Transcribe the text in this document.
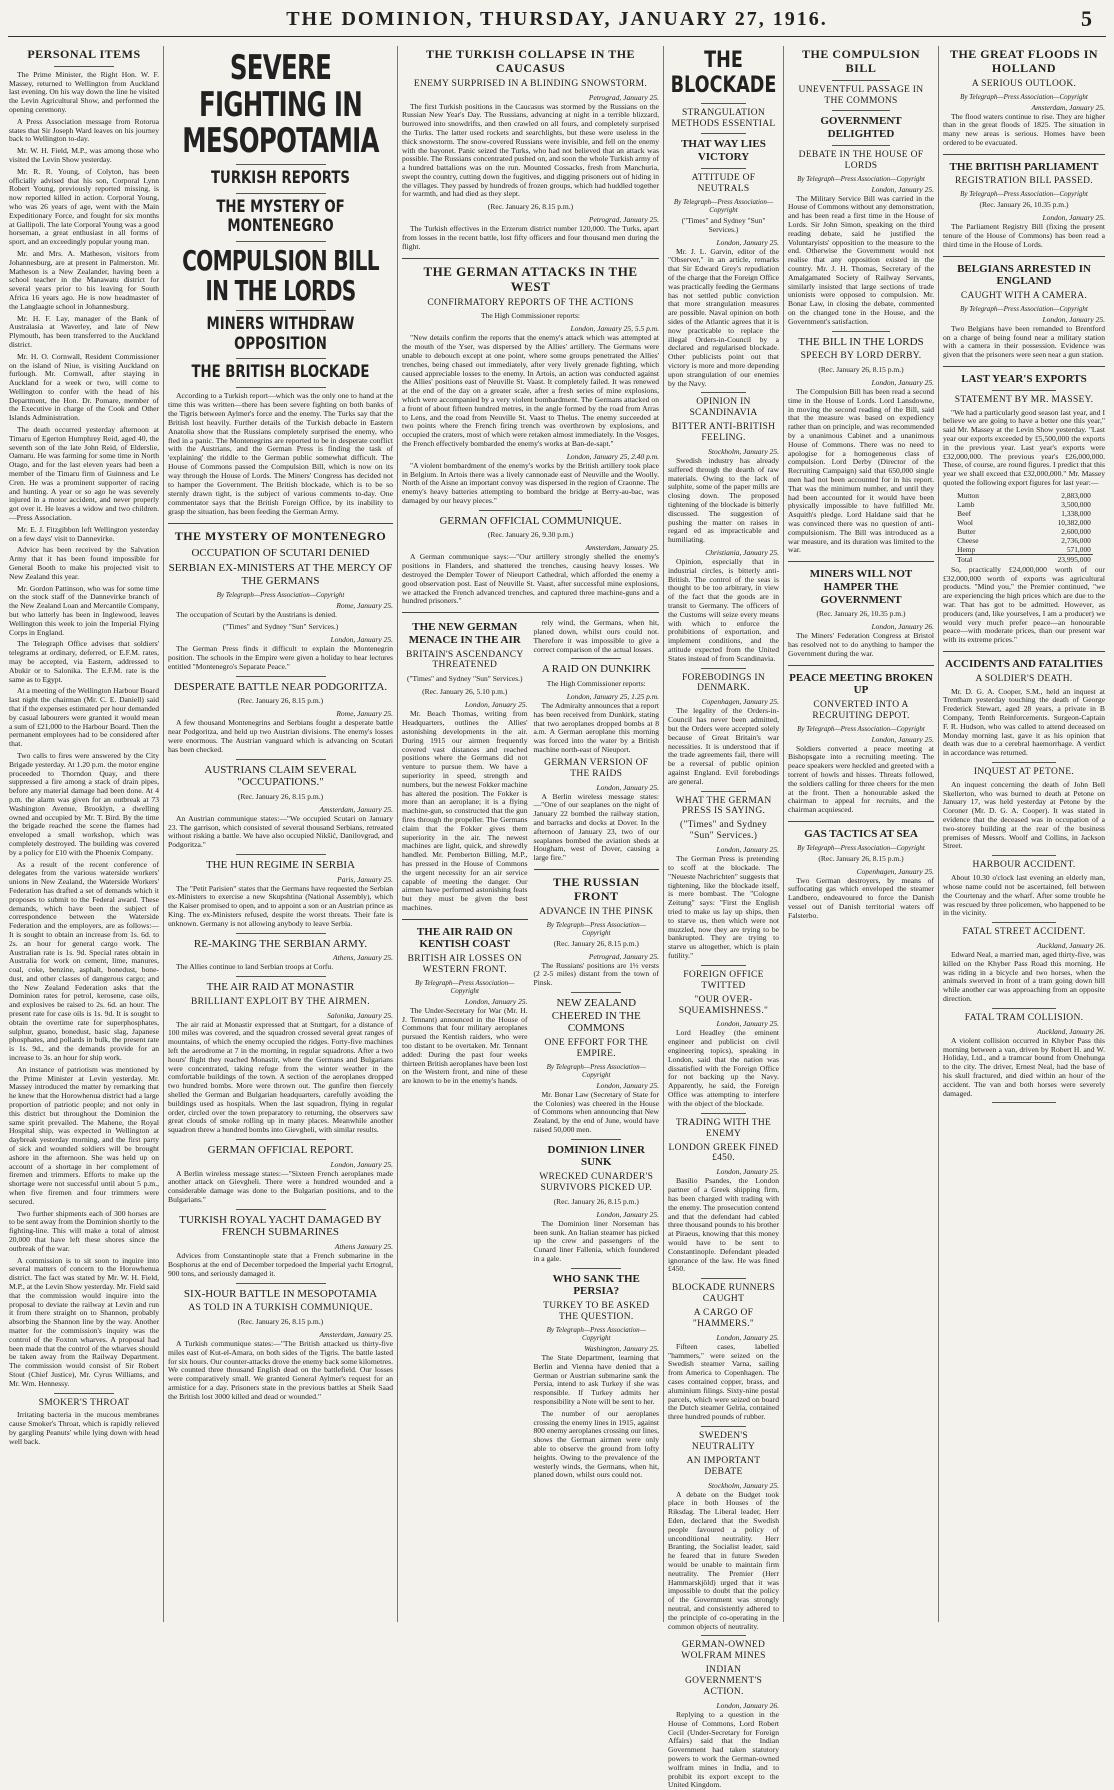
THE DOMINION, THURSDAY, JANUARY 27, 1916.	5
PERSONAL ITEMS

The Prime Minister, the Right Hon. W. F. Massey, returned to Wellington from Auckland last evening. On his way down the line he visited the Levin Agricultural Show, and performed the opening ceremony.

A Press Association message from Rotorua states that Sir Joseph Ward leaves on his journey back to Wellington to-day.

Mr. W. H. Field, M.P., was among those who visited the Levin Show yesterday.

Mr. R. R. Young, of Colyton, has been officially advised that his son, Corporal Lynn Robert Young, previously reported missing, is now reported killed in action. Corporal Young, who was 26 years of age, went with the Main Expeditionary Force, and fought for six months at Gallipoli. The late Corporal Young was a good horseman, a great enthusiast in all forms of sport, and an exceedingly popular young man.

Mr. and Mrs. A. Matheson, visitors from Johannesburg, are at present in Palmerston. Mr. Matheson is a New Zealander, having been a school teacher in the Manawatu district for several years prior to his leaving for South Africa 16 years ago. He is now headmaster of the Langlaagte school in Johannesburg.

Mr. H. F. Lay, manager of the Bank of Australasia at Waverley, and late of New Plymouth, has been transferred to the Auckland district.

Mr. H. O. Cornwall, Resident Commissioner on the island of Niue, is visiting Auckland on furlough. Mr. Cornwall, after staying in Auckland for a week or two, will come to Wellington to confer with the head of his Department, the Hon. Dr. Pomare, member of the Executive in charge of the Cook and Other Islands Administration.

The death occurred yesterday afternoon at Timaru of Egerton Humphrey Reid, aged 40, the seventh son of the late John Reid, of Elderslie, Oamaru. He was farming for some time in North Otago, and for the last eleven years had been a member of the Timaru firm of Guinness and Le Cren. He was a prominent supporter of racing and hunting. A year or so ago he was severely injured in a motor accident, and never properly got over it. He leaves a widow and two children.—Press Association.

Mr. E. J. Fitzgibbon left Wellington yesterday on a few days' visit to Dannevirke.

Advice has been received by the Salvation Army that it has been found impossible for General Booth to make his projected visit to New Zealand this year.

Mr. Gordon Pattinson, who was for some time on the stock staff of the Dannevirke branch of the New Zealand Loan and Mercantile Company, but who latterly has been in Inglewood, leaves Wellington this week to join the Imperial Flying Corps in England.

The Telegraph Office advises that soldiers' telegrams at ordinary, deferred, or E.F.M. rates, may be accepted, via Eastern, addressed to Abukir or to Salonika. The E.F.M. rate is the same as to Egypt.

At a meeting of the Wellington Harbour Board last night the chairman (Mr. C. E. Daniell) said that if the expenses estimated per hour demanded by casual labourers were granted it would mean a sum of £21,000 to the Harbour Board. Then the permanent employees had to be considered after that.

Two calls to fires were answered by the City Brigade yesterday. At 1.20 p.m. the motor engine proceeded to Thorndon Quay, and there suppressed a fire among a stack of drain pipes, before any material damage had been done. At 4 p.m. the alarm was given for an outbreak at 73 Washington Avenue, Brooklyn, a dwelling owned and occupied by Mr. T. Bird. By the time the brigade reached the scene the flames had enveloped a small workshop, which was completely destroyed. The building was covered by a policy for £10 with the Phoenix Company.

As a result of the recent conference of delegates from the various waterside workers' unions in New Zealand, the Waterside Workers' Federation has drafted a set of demands which it proposes to submit to the Federal award. These demands, which have been the subject of correspondence between the Waterside Federation and the employers, are as follows:—It is sought to obtain an increase from 1s. 6d. to 2s. an hour for general cargo work. The Australian rate is 1s. 9d. Special rates obtain in Australia for work on cement, lime, manures, coal, coke, benzine, asphalt, bonedust, bone-dust, and other classes of dangerous cargo; and the New Zealand Federation asks that the Dominion rates for petrol, kerosene, case oils, and explosives be raised to 2s. 6d. an hour. The present rate for case oils is 1s. 9d. It is sought to obtain the overtime rate for superphosphates, sulphur, guano, bonedust, basic slag, Japanese phosphates, and pollards in bulk, the present rate is 1s. 9d., and the demands provide for an increase to 3s. an hour for ship work.

An instance of patriotism was mentioned by the Prime Minister at Levin yesterday. Mr. Massey introduced the matter by remarking that he knew that the Horowhenua district had a large proportion of patriotic people; and not only in this district but throughout the Dominion the same spirit prevailed. The Mahene, the Royal Hospital ship, was expected in Wellington at daybreak yesterday morning, and the first party of sick and wounded soldiers will be brought ashore in the afternoon. She was held up on account of a shortage in her complement of firemen and trimmers. Efforts to make up the shortage were not successful until about 5 p.m., when five firemen and four trimmers were secured.

Two further shipments each of 300 horses are to be sent away from the Dominion shortly to the fighting-line. This will make a total of almost 20,000 that have left these shores since the outbreak of the war.

A commission is to sit soon to inquire into several matters of concern to the Horowhenua district. The fact was stated by Mr. W. H. Field, M.P., at the Levin Show yesterday. Mr. Field said that the commission would inquire into the proposal to deviate the railway at Levin and run it from there straight on to Shannon, probably absorbing the Shannon line by the way. Another matter for the commission's inquiry was the control of the Foxton wharves. A proposal had been made that the control of the wharves should be taken away from the Railway Department. The commission would consist of Sir Robert Stout (Chief Justice), Mr. Cyrus Williams, and Mr. Wm. Hennessy.

SMOKER'S THROAT

Irritating bacteria in the mucous membranes cause Smoker's Throat, which is rapidly relieved by gargling Peanuts' while lying down with head well back.

SEVERE FIGHTING IN MESOPOTAMIA
TURKISH REPORTS
THE MYSTERY OF MONTENEGRO
COMPULSION BILL IN THE LORDS
MINERS WITHDRAW OPPOSITION
THE BRITISH BLOCKADE

According to a Turkish report—which was the only one to hand at the time this was written—there has been severe fighting on both banks of the Tigris between Aylmer's force and the enemy. The Turks say that the British lost heavily. Further details of the Turkish debacle in Eastern Anatolia show that the Russians completely surprised the enemy, who fled in a panic. The Montenegrins are reported to be in desperate conflict with the Austrians, and the German Press is finding the task of 'explaining' the riddle to the German public somewhat difficult. The House of Commons passed the Compulsion Bill, which is now on its way through the House of Lords. The Miners' Congress has decided not to hamper the Government. The British blockade, which is to be so sternly drawn tight, is the subject of various comments to-day. One commentator says that the British Foreign Office, by its inability to grasp the situation, has been feeding the German Army.

THE MYSTERY OF MONTENEGRO
OCCUPATION OF SCUTARI DENIED
SERBIAN EX-MINISTERS AT THE MERCY OF THE GERMANS
By Telegraph—Press Association—Copyright
Rome, January 25.

The occupation of Scutari by the Austrians is denied.

("Times" and Sydney "Sun" Services.)
London, January 25.

The German Press finds it difficult to explain the Montenegrin position. The schools in the Empire were given a holiday to hear lectures entitled "Montenegro's Separate Peace."

DESPERATE BATTLE NEAR PODGORITZA.
(Rec. January 26, 8.15 p.m.)
Rome, January 25.

A few thousand Montenegrins and Serbians fought a desperate battle near Podgoritza, and held up two Austrian divisions. The enemy's losses were enormous. The Austrian vanguard which is advancing on Scutari has been checked.

AUSTRIANS CLAIM SEVERAL "OCCUPATIONS."
(Rec. January 26, 8.15 p.m.)
Amsterdam, January 25.

An Austrian communique states:—"We occupied Scutari on January 23. The garrison, which consisted of several thousand Serbians, retreated without risking a battle. We have also occupied Nikšić, Danilovgrad, and Podgoritza."

THE HUN REGIME IN SERBIA
Paris, January 25.

The "Petit Parisien" states that the Germans have requested the Serbian ex-Ministers to exercise a new Skupshtina (National Assembly), which the Kaiser promised to open, and to appoint a son or an Austrian prince as King. The ex-Ministers refused, despite the worst threats. Their fate is unknown. Germany is not allowing anybody to leave Serbia.

RE-MAKING THE SERBIAN ARMY.
Athens, January 25.

The Allies continue to land Serbian troops at Corfu.

THE AIR RAID AT MONASTIR
BRILLIANT EXPLOIT BY THE AIRMEN.
Salonika, January 25.

The air raid at Monastir expressed that at Stuttgart, for a distance of 100 miles was covered, and the squadron crossed several great ranges of mountains, of which the enemy occupied the ridges. Forty-five machines left the aerodrome at 7 in the morning, in regular squadrons. After a two hours' flight they reached Monastir, where the Germans and Bulgarians were concentrated, taking refuge from the winter weather in the comfortable buildings of the town. A section of the aeroplanes dropped two hundred bombs. More were thrown out. The gunfire then fiercely shelled the German and Bulgarian headquarters, carefully avoiding the buildings used as hospitals. When the last squadron, flying in regular order, circled over the town preparatory to returning, the observers saw great clouds of smoke rolling up in many places. Meanwhile another squadron threw a hundred bombs into Gievgheli, with similar results.

GERMAN OFFICIAL REPORT.
London, January 25.

A Berlin wireless message states:—"Sixteen French aeroplanes made another attack on Gievgheli. There were a hundred wounded and a considerable damage was done to the Bulgarian positions, and to the Bulgarians."

TURKISH ROYAL YACHT DAMAGED BY FRENCH SUBMARINES
Athens January 25.

Advices from Constantinople state that a French submarine in the Bosphorus at the end of December torpedoed the Imperial yacht Ertogrul, 900 tons, and seriously damaged it.

SIX-HOUR BATTLE IN MESOPOTAMIA
AS TOLD IN A TURKISH COMMUNIQUE.
(Rec. January 26, 8.15 p.m.)
Amsterdam, January 25.

A Turkish communique states:—"The British attacked us thirty-five miles east of Kut-el-Amara, on both sides of the Tigris. The battle lasted for six hours. Our counter-attacks drove the enemy back some kilometres. We counted three thousand English dead on the battlefield. Our losses were comparatively small. We granted General Aylmer's request for an armistice for a day. Prisoners state in the previous battles at Sheik Saad the British lost 3000 killed and dead or wounded."

THE TURKISH COLLAPSE IN THE CAUCASUS
ENEMY SURPRISED IN A BLINDING SNOWSTORM.
Petrograd, January 25.

The first Turkish positions in the Caucasus was stormed by the Russians on the Russian New Year's Day. The Russians, advancing at night in a terrible blizzard, burrowed into snowdrifts, and then crawled on all fours, and completely surprised the Turks. The latter used rockets and searchlights, but these were useless in the thick snowstorm. The snow-covered Russians were invisible, and fell on the enemy with the bayonet. Panic seized the Turks, who had not believed that an attack was possible. The Russians concentrated pushed on, and soon the whole Turkish army of a hundred battalions was on the run. Mounted Cossacks, fresh from Manchuria, swept the country, cutting down the fugitives, and digging prisoners out of hiding in the villages. They passed by hundreds of frozen groups, which had huddled together for warmth, and had died as they slept.

(Rec. January 26, 8.15 p.m.)
Petrograd, January 25.

The Turkish effectives in the Erzerum district number 120,000. The Turks, apart from losses in the recent battle, lost fifty officers and four thousand men during the flight.

THE GERMAN ATTACKS IN THE WEST
CONFIRMATORY REPORTS OF THE ACTIONS
The High Commissioner reports:
London, January 25, 5.5 p.m.

"New details confirm the reports that the enemy's attack which was attempted at the mouth of the Yser, was dispersed by the Allies' artillery. The Germans were unable to debouch except at one point, where some groups penetrated the Allies' trenches, being chased out immediately, after very lively grenade fighting, which caused appreciable losses to the enemy. In Artois, an action was conducted against the Allies' positions east of Neuville St. Vaast. It completely failed. It was renewed at the end of the day on a greater scale, after a fresh series of mine explosions, which were accompanied by a very violent bombardment. The Germans attacked on a front of about fifteen hundred metres, in the angle formed by the road from Arras to Lens, and the road from Neuville St. Vaast to Thelus. The enemy succeeded at two points where the French firing trench was overthrown by explosions, and occupied the craters, most of which were retaken almost immediately. In the Vosges, the French effectively bombarded the enemy's works at Ban-de-sapt."

London, January 25, 2.40 p.m.

"A violent bombardment of the enemy's works by the British artillery took place in Belgium. In Artois there was a lively cannonade east of Neuville and the Woolly. North of the Aisne an important convoy was dispersed in the region of Craonne. The enemy's heavy batteries attempting to bombard the bridge at Berry-au-bac, was damaged by our heavy pieces."

GERMAN OFFICIAL COMMUNIQUE.
(Rec. January 26, 9.30 p.m.)
Amsterdam, January 25.

A German communique says:—"Our artillery strongly shelled the enemy's positions in Flanders, and shattered the trenches, causing heavy losses. We destroyed the Dempler Tower of Nieuport Cathedral, which afforded the enemy a good observation post. East of Neuville St. Vaast, after successful mine explosions, we attacked the French advanced trenches, and captured three machine-guns and a hundred prisoners."

THE NEW GERMAN MENACE IN THE AIR
BRITAIN'S ASCENDANCY THREATENED
("Times" and Sydney "Sun" Services.)
(Rec. January 26, 5.10 p.m.)
London, January 25.

Mr. Beach Thomas, writing from Headquarters, outlines the Allies' astonishing developments in the air. During 1915 our airmen frequently covered vast distances and reached positions where the Germans did not venture to pursue them. We have a superiority in speed, strength and numbers, but the newest Fokker machine has altered the position. The Fokker is more than an aeroplane; it is a flying machine-gun, so constructed that the gun fires through the propeller. The Germans claim that the Fokker gives them superiority in the air. The newest machines are light, quick, and shrewdly handled. Mr. Pemberton Billing, M.P., has pressed in the House of Commons the urgent necessity for an air service capable of meeting the danger. Our airmen have performed astonishing feats but they must be given the best machines.

THE AIR RAID ON KENTISH COAST
BRITISH AIR LOSSES ON WESTERN FRONT.
By Telegraph—Press Association—Copyright
London, January 25.

The Under-Secretary for War (Mr. H. J. Tennant) announced in the House of Commons that four military aeroplanes pursued the Kentish raiders, who were too distant to be overtaken. Mr. Tennant added: During the past four weeks thirteen British aeroplanes have been lost on the Western front, and nine of these are known to be in the enemy's hands.

rely wind, the Germans, when hit, planed down, whilst ours could not. Therefore it was impossible to give a correct comparison of the actual losses.

A RAID ON DUNKIRK
The High Commissioner reports:
London, January 25, 1.25 p.m.

The Admiralty announces that a report has been received from Dunkirk, stating that two aeroplanes dropped bombs at 8 a.m. A German aeroplane this morning was forced into the water by a British machine north-east of Nieuport.

GERMAN VERSION OF THE RAIDS
London, January 25.

A Berlin wireless message states:—"One of our seaplanes on the night of January 22 bombed the railway station, and barracks and docks at Dover. In the afternoon of January 23, two of our seaplanes bombed the aviation sheds at Hougham, west of Dover, causing a large fire."

THE RUSSIAN FRONT
ADVANCE IN THE PINSK
By Telegraph—Press Association—Copyright
(Rec. January 26, 8.15 p.m.)
Petrograd, January 25.

The Russians' positions are 1⅓ versts (2 2-5 miles) distant from the town of Pinsk.

NEW ZEALAND CHEERED IN THE COMMONS
ONE EFFORT FOR THE EMPIRE.
By Telegraph—Press Association—Copyright
London, January 25.

Mr. Bonar Law (Secretary of State for the Colonies) was cheered in the House of Commons when announcing that New Zealand, by the end of June, would have raised 50,000 men.

DOMINION LINER SUNK
WRECKED CUNARDER'S SURVIVORS PICKED UP.
(Rec. January 26, 8.15 p.m.)
London, January 25.

The Dominion liner Norseman has been sunk. An Italian steamer has picked up the crew and passengers of the Cunard liner Fallenia, which foundered in a gale.

WHO SANK THE PERSIA?
TURKEY TO BE ASKED THE QUESTION.
By Telegraph—Press Association—Copyright
Washington, January 25.

The State Department, learning that Berlin and Vienna have denied that a German or Austrian submarine sank the Persia, intend to ask Turkey if she was responsible. If Turkey admits her responsibility a Note will be sent to her.

The number of our aeroplanes crossing the enemy lines in 1915, against 800 enemy aeroplanes crossing our lines, shows the German airmen were only able to observe the ground from lofty heights. Owing to the prevalence of the westerly winds, the Germans, when hit, planed down, whilst ours could not.

THE BLOCKADE
STRANGULATION METHODS ESSENTIAL
THAT WAY LIES VICTORY
ATTITUDE OF NEUTRALS
By Telegraph—Press Association—Copyright
("Times" and Sydney "Sun" Services.)
London, January 25.

Mr. J. L. Garvin, editor of the "Observer," in an article, remarks that Sir Edward Grey's repudiation of the charge that the Foreign Office was practically feeding the Germans has not settled public conviction that more strangulation measures are possible. Naval opinion on both sides of the Atlantic agrees that it is now practicable to replace the illegal Orders-in-Council by a declared and regularised blockade. Other publicists point out that victory is more and more depending upon strangulation of our enemies by the Navy.

OPINION IN SCANDINAVIA
BITTER ANTI-BRITISH FEELING.
Stockholm, January 25.

Swedish industry has already suffered through the dearth of raw materials. Owing to the lack of sulphite, some of the paper mills are closing down. The proposed tightening of the blockade is bitterly discussed. The suggestion of pushing the matter on raises in regard ed as impracticable and humiliating.

Christiania, January 25.

Opinion, especially that in industrial circles, is bitterly anti-British. The control of the seas is thought to be too arbitrary, in view of the fact that the goods are in transit to Germany. The officers of the Customs will seize every means with which to enforce the prohibitions of exportation, and implement conditions, and the attitude expected from the United States instead of from Scandinavia.

FOREBODINGS IN DENMARK.
Copenhagen, January 25.

The legality of the Orders-in-Council has never been admitted, but the Orders were accepted solely because of Great Britain's war necessities. It is understood that if the trade agreements fail, there will be a reversal of public opinion against England. Evil forebodings are general.

WHAT THE GERMAN PRESS IS SAYING.
("Times" and Sydney "Sun" Services.)
London, January 25.

The German Press is pretending to scoff at the blockade. The "Neueste Nachrichten" suggests that tightening, like the blockade itself, is mere bombast. The "Cologne Zeitung" says: "First the English tried to make us lay up ships, then to starve us, then which were not muzzled, now they are trying to be bankrupted. They are trying to starve us altogether, which is plain futility."

FOREIGN OFFICE TWITTED
"OUR OVER-SQUEAMISHNESS."
London, January 25.

Lord Headley (the eminent engineer and publicist on civil engineering topics), speaking in London, said that the nation was dissatisfied with the Foreign Office for not backing up the Navy. Apparently, he said, the Foreign Office was attempting to interfere with the object of the blockade.

TRADING WITH THE ENEMY
LONDON GREEK FINED £450.
London, January 25.

Basilio Psandes, the London partner of a Greek shipping firm, has been charged with trading with the enemy. The prosecution contend and that the defendant had cabled three thousand pounds to his brother at Piraeus, knowing that this money would have to be sent to Constantinople. Defendant pleaded ignorance of the law. He was fined £450.

BLOCKADE RUNNERS CAUGHT
A CARGO OF "HAMMERS."
London, January 25.

Fifteen cases, labelled "hammers," were seized on the Swedish steamer Varna, sailing from America to Copenhagen. The cases contained copper, brass, and aluminium filings. Sixty-nine postal parcels, which were seized on board the Dutch steamer Gelria, contained three hundred pounds of rubber.

SWEDEN'S NEUTRALITY
AN IMPORTANT DEBATE
Stockholm, January 25.

A debate on the Budget took place in both Houses of the Riksdag. The Liberal leader, Herr Eden, declared that the Swedish people favoured a policy of unconditional neutrality. Herr Branting, the Socialist leader, said he feared that in future Sweden would be unable to maintain firm neutrality. The Premier (Herr Hammarskjöld) urged that it was impossible to doubt that the policy of the Government was strongly neutral, and consistently adhered to the principle of co-operating in the common objects of neutrality.

GERMAN-OWNED WOLFRAM MINES
INDIAN GOVERNMENT'S ACTION.
London, January 26.

Replying to a question in the House of Commons, Lord Robert Cecil (Under-Secretary for Foreign Affairs) said that the Indian Government had taken statutory powers to work the German-owned wolfram mines in India, and to prohibit its export except to the United Kingdom.

THE COMPULSION BILL
UNEVENTFUL PASSAGE IN THE COMMONS
GOVERNMENT DELIGHTED
DEBATE IN THE HOUSE OF LORDS
By Telegraph—Press Association—Copyright
London, January 25.

The Military Service Bill was carried in the House of Commons without any demonstration, and has been read a first time in the House of Lords. Sir John Simon, speaking on the third reading debate, said he justified the Voluntaryists' opposition to the measure to the end. Otherwise the Government would not realise that any opposition existed in the country. Mr. J. H. Thomas, Secretary of the Amalgamated Society of Railway Servants, similarly insisted that large sections of trade unionists were opposed to compulsion. Mr. Bonar Law, in closing the debate, commented on the changed tone in the House, and the Government's satisfaction.

THE BILL IN THE LORDS
SPEECH BY LORD DERBY.
(Rec. January 26, 8.15 p.m.)
London, January 25.

The Compulsion Bill has been read a second time in the House of Lords. Lord Lansdowne, in moving the second reading of the Bill, said that the measure was based on expediency rather than on principle, and was recommended by a unanimous Cabinet and a unanimous House of Commons. There was no need to apologise for a homogeneous class of compulsion. Lord Derby (Director of the Recruiting Campaign) said that 650,000 single men had not been accounted for in his report. That was the minimum number, and until they had been accounted for it would have been physically impossible to have fulfilled Mr. Asquith's pledge. Lord Haldane said that he was convinced there was no question of anti-compulsionism. The Bill was introduced as a war measure, and its duration was limited to the war.

MINERS WILL NOT HAMPER THE GOVERNMENT
(Rec. January 26, 10.35 p.m.)
London, January 26.

The Miners' Federation Congress at Bristol has resolved not to do anything to hamper the Government during the war.

PEACE MEETING BROKEN UP
CONVERTED INTO A RECRUITING DEPOT.
By Telegraph—Press Association—Copyright
London, January 25.

Soldiers converted a peace meeting at Bishopsgate into a recruiting meeting. The peace speakers were heckled and greeted with a torrent of howls and hisses. Threats followed, the soldiers calling for three cheers for the men at the front. Then a honourable asked the chairman to appeal for recruits, and the chairman acquiesced.

GAS TACTICS AT SEA
By Telegraph—Press Association—Copyright
(Rec. January 26, 8.15 p.m.)
Copenhagen, January 25.

Two German destroyers, by means of suffocating gas which enveloped the steamer Landbero, endeavoured to force the Danish vessel out of Danish territorial waters off Falsterbo.

THE GREAT FLOODS IN HOLLAND
A SERIOUS OUTLOOK.
By Telegraph—Press Association—Copyright
Amsterdam, January 25.

The flood waters continue to rise. They are higher than in the great floods of 1825. The situation in many new areas is serious. Homes have been ordered to be evacuated.

THE BRITISH PARLIAMENT
REGISTRATION BILL PASSED.
By Telegraph—Press Association—Copyright
(Rec. January 26, 10.35 p.m.)
London, January 25.

The Parliament Registry Bill (fixing the present tenure of the House of Commons) has been read a third time in the House of Lords.

BELGIANS ARRESTED IN ENGLAND
CAUGHT WITH A CAMERA.
By Telegraph—Press Association—Copyright
London, January 25.

Two Belgians have been remanded to Brentford on a charge of being found near a military station with a camera in their possession. Evidence was given that the prisoners were seen near a gun station.

LAST YEAR'S EXPORTS
STATEMENT BY MR. MASSEY.

"We had a particularly good season last year, and I believe we are going to have a better one this year," said Mr. Massey at the Levin Show yesterday. "Last year our exports exceeded by £5,500,000 the exports in the previous year. Last year's exports were £32,000,000. The previous year's £26,000,000. These, of course, are round figures. I predict that this year we shall exceed that £32,000,000." Mr. Massey quoted the following export figures for last year:—

Mutton	2,883,000
Lamb	3,500,000
Beef	1,338,000
Wool	10,382,000
Butter	2,600,000
Cheese	2,736,000
Hemp	571,000
Total	23,995,000

So, practically £24,000,000 worth of our £32,000,000 worth of exports was agricultural products. "Mind you," the Premier continued, "we are experiencing the high prices which are due to the war. That has got to be admitted. However, as producers (and, like yourselves, I am a producer) we would very much prefer peace—an honourable peace—with moderate prices, than our present war with its extreme prices."

ACCIDENTS AND FATALITIES
A SOLDIER'S DEATH.

Mr. D. G. A. Cooper, S.M., held an inquest at Trentham yesterday touching the death of George Frederick Stewart, aged 28 years, a private in B Company, Tenth Reinforcements. Surgeon-Captain F. R. Hudson, who was called to attend deceased on Monday morning last, gave it as his opinion that death was due to a cerebral haemorrhage. A verdict in accordance was returned.

INQUEST AT PETONE.

An inquest concerning the death of John Bell Skellerton, who was burned to death at Petone on January 17, was held yesterday at Petone by the Coroner (Mr. D. G. A. Cooper). It was stated in evidence that the deceased was in occupation of a two-storey building at the rear of the business premises of Messrs. Woolf and Collins, in Jackson Street.

HARBOUR ACCIDENT.

About 10.30 o'clock last evening an elderly man, whose name could not be ascertained, fell between the Courtenay and the wharf. After some trouble he was rescued by three policemen, who happened to be in the vicinity.

FATAL STREET ACCIDENT.
Auckland, January 26.

Edward Neal, a married man, aged thirty-five, was killed on the Khyber Pass Road this morning. He was riding in a bicycle and two horses, when the animals swerved in front of a tram going down hill while another car was approaching from an opposite direction.

FATAL TRAM COLLISION.
Auckland, January 26.

A violent collision occurred in Khyber Pass this morning between a van, driven by Robert H. and W. Holiday, Ltd., and a tramcar bound from Onehunga to the city. The driver, Ernest Neal, had the base of his skull fractured, and died within an hour of the accident. The van and both horses were severely damaged.
